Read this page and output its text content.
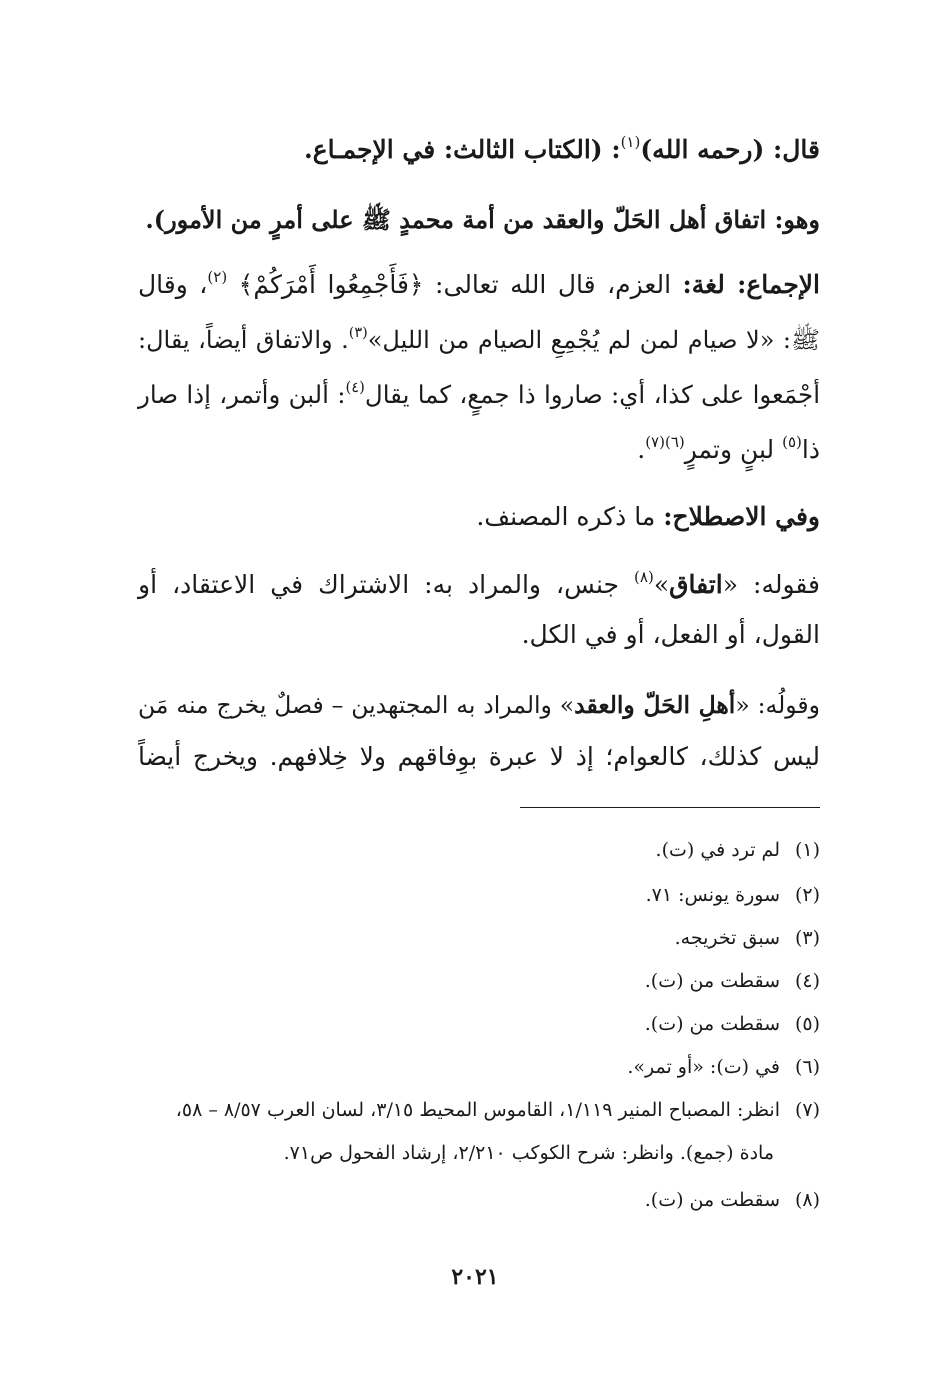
قال: (رحمه الله)$^{(١)}$: (الكتاب الثالث: في الإجمـاع.
وهو: اتفاق أهل الحَلّ والعقد من أمة محمدٍ ﷺ على أمرٍ من الأمور).
الإجماع: لغة: العزم، قال الله تعالى: ﴿فَأَجْمِعُوا أَمْرَكُمْ﴾ $^{(٢)}$، وقال
ﷺ: «لا صيام لمن لم يُجْمِعِ الصيام من الليل»$^{(٣)}$. والاتفاق أيضاً، يقال:
أجْمَعوا على كذا، أي: صاروا ذا جمعٍ، كما يقال$^{(٤)}$: ألبن وأتمر، إذا صار
ذا$^{(٥)}$ لبنٍ وتمرٍ$^{(٦)(٧)}$.
وفي الاصطلاح: ما ذكره المصنف.
فقوله: «اتفاق»$^{(٨)}$ جنس، والمراد به: الاشتراك في الاعتقاد، أو
القول، أو الفعل، أو في الكل.
وقولُه: «أهلِ الحَلّ والعقد» والمراد به المجتهدين – فصلٌ يخرج منه مَن
ليس كذلك، كالعوام؛ إذ لا عبرة بوِفاقهم ولا خِلافهم. ويخرج أيضاً
(١)لم ترد في (ت).
(٢)سورة يونس: ٧١.
(٣)سبق تخريجه.
(٤)سقطت من (ت).
(٥)سقطت من (ت).
(٦)في (ت): «أو تمر».
(٧)انظر: المصباح المنير ١/١١٩، القاموس المحيط ٣/١٥، لسان العرب ٨/٥٧ – ٥٨،
مادة (جمع). وانظر: شرح الكوكب ٢/٢١٠، إرشاد الفحول ص٧١.
(٨)سقطت من (ت).
٢٠٢١
